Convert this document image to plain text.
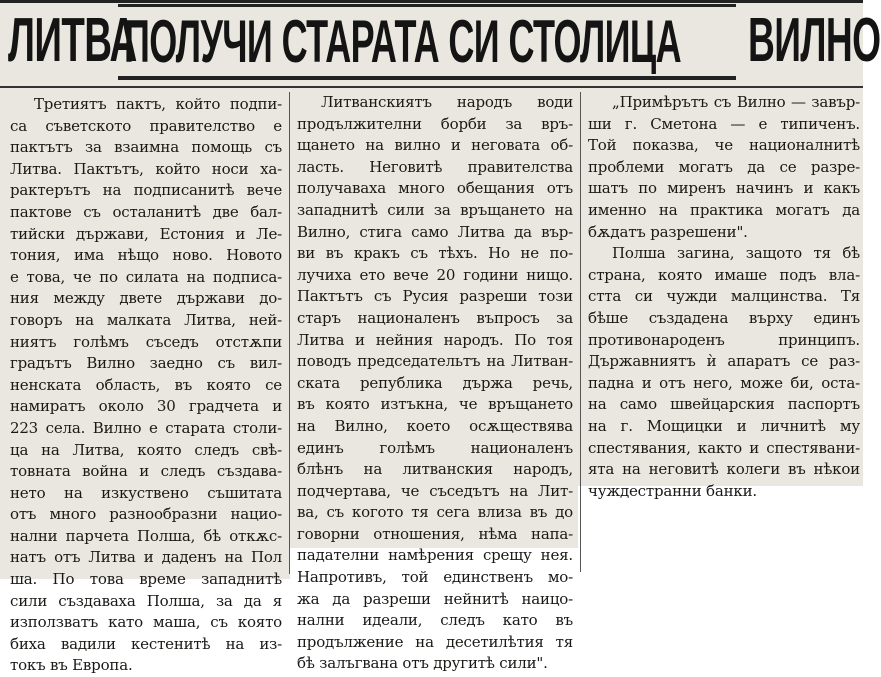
ЛИТВА
ПОЛУЧИ СТАРАТА СИ СТОЛИЦА ВИЛНО
Третиятъ пактъ, който подпи-
са съветското правителство е
пактътъ за взаимна помощь съ
Литва. Пактътъ, който носи ха-
рактерътъ на подписанитѣ вече
пактове съ осталанитѣ две бал-
тийски държави, Естония и Ле-
тония, има нѣщо ново. Новото
е това, че по силата на подписа-
ния между двете държави до-
говоръ на малката Литва, ней-
ниятъ голѣмъ съседъ отстѫпи
градътъ Вилно заедно съ вил-
ненската область, въ която се
намиратъ около 30 градчета и
223 села. Вилно е старата столи-
ца на Литва, която следъ свѣ-
товната война и следъ създава-
нето на изкуствено съшитата
отъ много разнообразни нацио-
нални парчета Полша, бѣ откѫс-
натъ отъ Литва и даденъ на Пол
ша. По това време западнитѣ
сили създаваха Полша, за да я
използватъ като маша, съ която
биха вадили кестенитѣ на из-
токъ въ Европа.
Литванскиятъ народъ води
продължителни борби за връ-
щането на вилно и неговата об-
ласть. Неговитѣ правителства
получаваха много обещания отъ
западнитѣ сили за връщането на
Вилно, стига само Литва да вър-
ви въ кракъ съ тѣхъ. Но не по-
лучиха ето вече 20 години нищо.
Пактътъ съ Русия разреши този
старъ националенъ въпросъ за
Литва и нейния народъ. По тоя
поводъ председательтъ на Литван-
ската република държа речь,
въ която изтъкна, че връщането
на Вилно, което осѫществява
единъ голѣмъ националенъ
блѣнъ на литванския народъ,
подчертава, че съседътъ на Лит-
ва, съ когото тя сега влиза въ до
говорни отношения, нѣма напа-
падателни намѣрения срещу нея.
Напротивъ, той единственъ мо-
жа да разреши нейнитѣ наицо-
нални идеали, следъ като въ
продължение на десетилѣтия тя
бѣ залъгвана отъ другитѣ сили".
„Примѣрътъ съ Вилно — завър-
ши г. Сметона — е типиченъ.
Той показва, че националнитѣ
проблеми могатъ да се разре-
шатъ по миренъ начинъ и какъ
именно на практика могатъ да
бѫдатъ разрешени".
Полша загина, защото тя бѣ
страна, която имаше подъ вла-
стта си чужди малцинства. Тя
бѣше създадена върху единъ
противонароденъ принципъ.
Държавниятъ ѝ апаратъ се раз-
падна и отъ него, може би, оста-
на само швейцарския паспортъ
на г. Мощицки и личнитѣ му
спестявания, както и спестявани-
ята на неговитѣ колеги въ нѣкои
чуждестранни банки.
